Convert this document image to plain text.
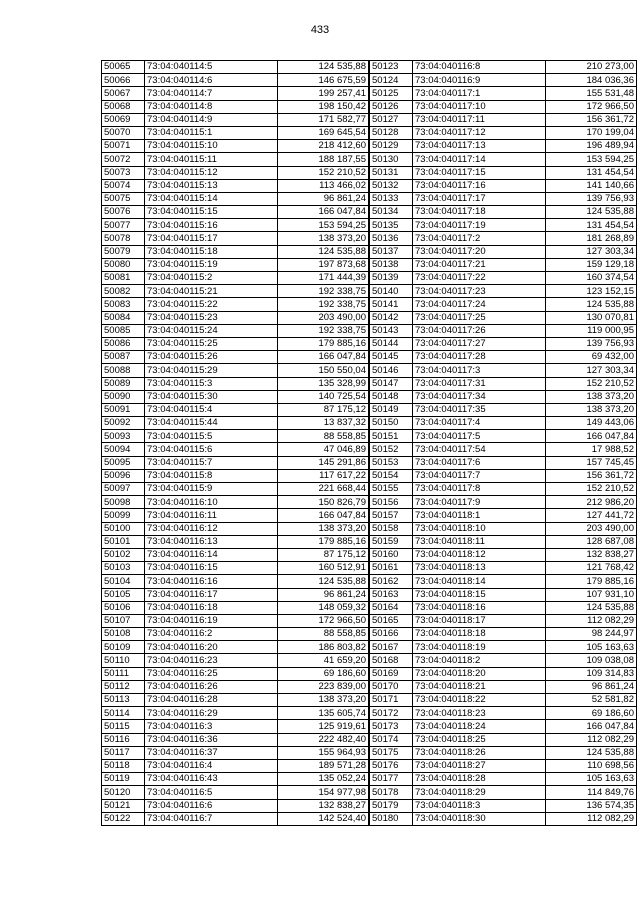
433
50065	73:04:040114:5	124 535,88
50066	73:04:040114:6	146 675,59
50067	73:04:040114:7	199 257,41
50068	73:04:040114:8	198 150,42
50069	73:04:040114:9	171 582,77
50070	73:04:040115:1	169 645,54
50071	73:04:040115:10	218 412,60
50072	73:04:040115:11	188 187,55
50073	73:04:040115:12	152 210,52
50074	73:04:040115:13	113 466,02
50075	73:04:040115:14	96 861,24
50076	73:04:040115:15	166 047,84
50077	73:04:040115:16	153 594,25
50078	73:04:040115:17	138 373,20
50079	73:04:040115:18	124 535,88
50080	73:04:040115:19	197 873,68
50081	73:04:040115:2	171 444,39
50082	73:04:040115:21	192 338,75
50083	73:04:040115:22	192 338,75
50084	73:04:040115:23	203 490,00
50085	73:04:040115:24	192 338,75
50086	73:04:040115:25	179 885,16
50087	73:04:040115:26	166 047,84
50088	73:04:040115:29	150 550,04
50089	73:04:040115:3	135 328,99
50090	73:04:040115:30	140 725,54
50091	73:04:040115:4	87 175,12
50092	73:04:040115:44	13 837,32
50093	73:04:040115:5	88 558,85
50094	73:04:040115:6	47 046,89
50095	73:04:040115:7	145 291,86
50096	73:04:040115:8	117 617,22
50097	73:04:040115:9	221 668,44
50098	73:04:040116:10	150 826,79
50099	73:04:040116:11	166 047,84
50100	73:04:040116:12	138 373,20
50101	73:04:040116:13	179 885,16
50102	73:04:040116:14	87 175,12
50103	73:04:040116:15	160 512,91
50104	73:04:040116:16	124 535,88
50105	73:04:040116:17	96 861,24
50106	73:04:040116:18	148 059,32
50107	73:04:040116:19	172 966,50
50108	73:04:040116:2	88 558,85
50109	73:04:040116:20	186 803,82
50110	73:04:040116:23	41 659,20
50111	73:04:040116:25	69 186,60
50112	73:04:040116:26	223 839,00
50113	73:04:040116:28	138 373,20
50114	73:04:040116:29	135 605,74
50115	73:04:040116:3	125 919,61
50116	73:04:040116:36	222 482,40
50117	73:04:040116:37	155 964,93
50118	73:04:040116:4	189 571,28
50119	73:04:040116:43	135 052,24
50120	73:04:040116:5	154 977,98
50121	73:04:040116:6	132 838,27
50122	73:04:040116:7	142 524,40
50123	73:04:040116:8	210 273,00
50124	73:04:040116:9	184 036,36
50125	73:04:040117:1	155 531,48
50126	73:04:040117:10	172 966,50
50127	73:04:040117:11	156 361,72
50128	73:04:040117:12	170 199,04
50129	73:04:040117:13	196 489,94
50130	73:04:040117:14	153 594,25
50131	73:04:040117:15	131 454,54
50132	73:04:040117:16	141 140,66
50133	73:04:040117:17	139 756,93
50134	73:04:040117:18	124 535,88
50135	73:04:040117:19	131 454,54
50136	73:04:040117:2	181 268,89
50137	73:04:040117:20	127 303,34
50138	73:04:040117:21	159 129,18
50139	73:04:040117:22	160 374,54
50140	73:04:040117:23	123 152,15
50141	73:04:040117:24	124 535,88
50142	73:04:040117:25	130 070,81
50143	73:04:040117:26	119 000,95
50144	73:04:040117:27	139 756,93
50145	73:04:040117:28	69 432,00
50146	73:04:040117:3	127 303,34
50147	73:04:040117:31	152 210,52
50148	73:04:040117:34	138 373,20
50149	73:04:040117:35	138 373,20
50150	73:04:040117:4	149 443,06
50151	73:04:040117:5	166 047,84
50152	73:04:040117:54	17 988,52
50153	73:04:040117:6	157 745,45
50154	73:04:040117:7	156 361,72
50155	73:04:040117:8	152 210,52
50156	73:04:040117:9	212 986,20
50157	73:04:040118:1	127 441,72
50158	73:04:040118:10	203 490,00
50159	73:04:040118:11	128 687,08
50160	73:04:040118:12	132 838,27
50161	73:04:040118:13	121 768,42
50162	73:04:040118:14	179 885,16
50163	73:04:040118:15	107 931,10
50164	73:04:040118:16	124 535,88
50165	73:04:040118:17	112 082,29
50166	73:04:040118:18	98 244,97
50167	73:04:040118:19	105 163,63
50168	73:04:040118:2	109 038,08
50169	73:04:040118:20	109 314,83
50170	73:04:040118:21	96 861,24
50171	73:04:040118:22	52 581,82
50172	73:04:040118:23	69 186,60
50173	73:04:040118:24	166 047,84
50174	73:04:040118:25	112 082,29
50175	73:04:040118:26	124 535,88
50176	73:04:040118:27	110 698,56
50177	73:04:040118:28	105 163,63
50178	73:04:040118:29	114 849,76
50179	73:04:040118:3	136 574,35
50180	73:04:040118:30	112 082,29
